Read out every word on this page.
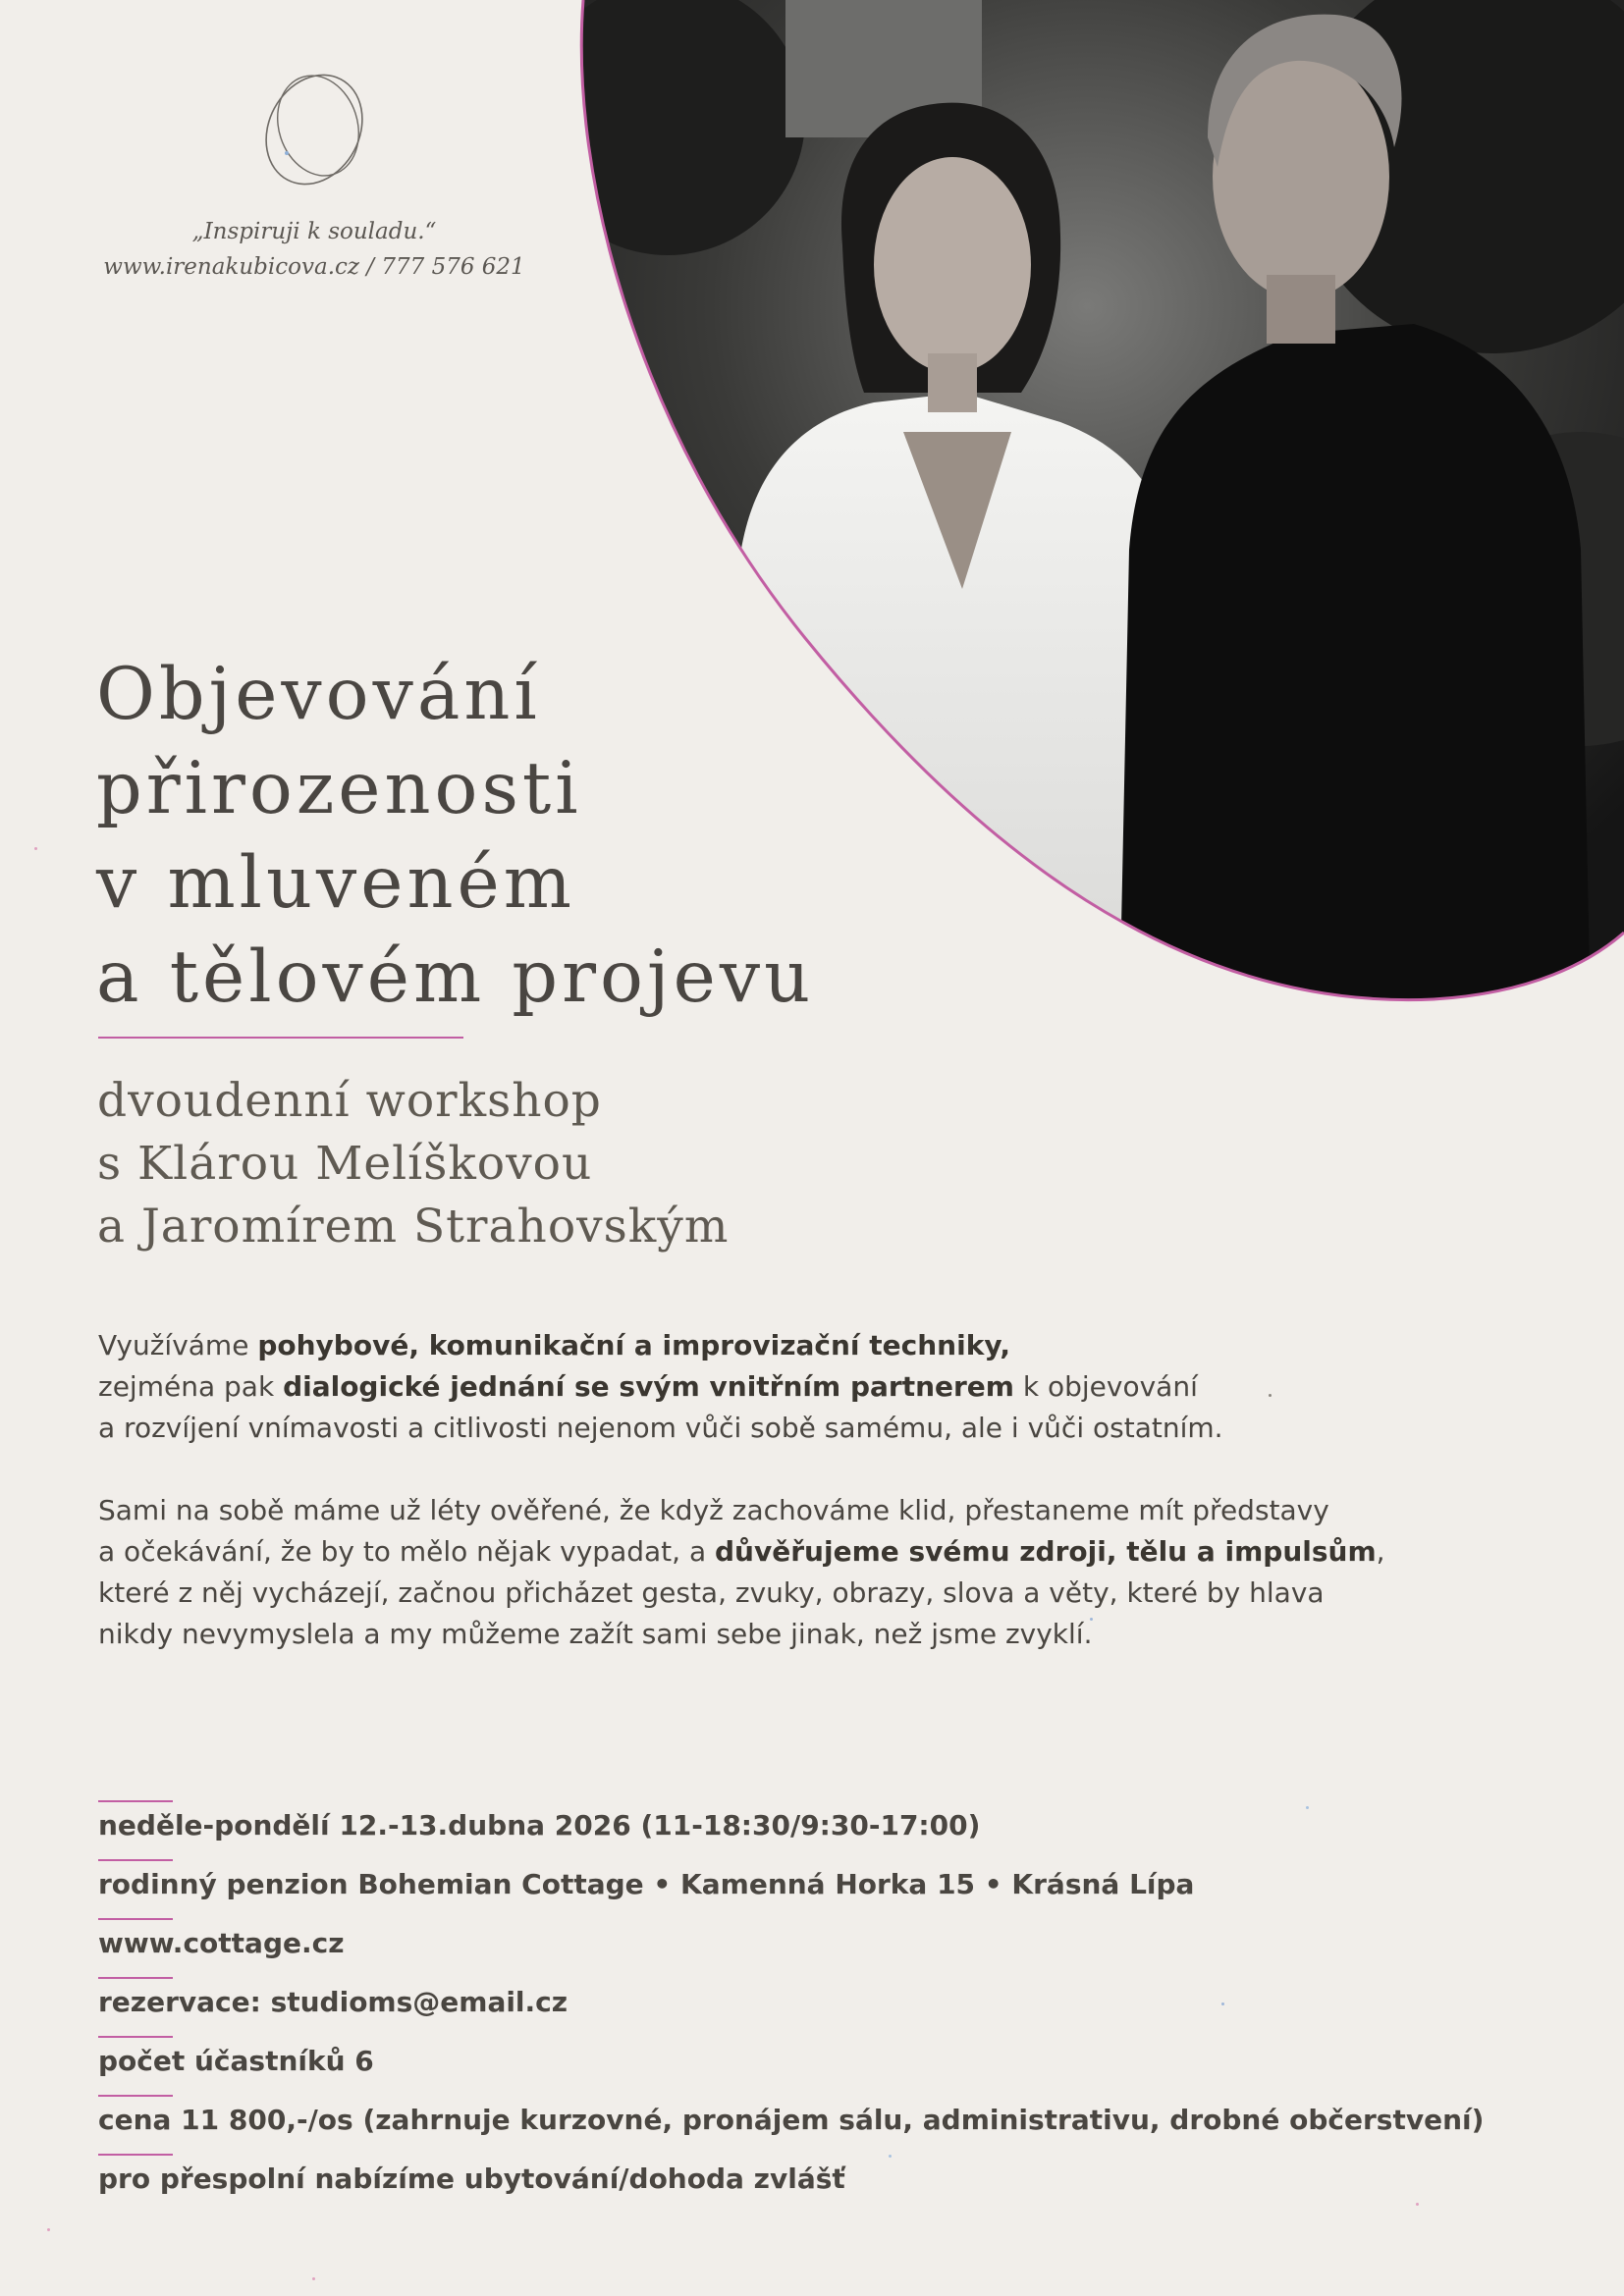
„Inspiruji k souladu.“
www.irenakubicova.cz / 777 576 621
Objevování
přirozenosti
v mluveném
a tělovém projevu
dvoudenní workshop
s Klárou Melíškovou
a Jaromírem Strahovským

Využíváme pohybové, komunikační a improvizační techniky,

zejména pak dialogické jednání se svým vnitřním partnerem k objevování

a rozvíjení vnímavosti a citlivosti nejenom vůči sobě samému, ale i vůči ostatním.

Sami na sobě máme už léty ověřené, že když zachováme klid, přestaneme mít představy

a očekávání, že by to mělo nějak vypadat, a důvěřujeme svému zdroji, tělu a impulsům,

které z něj vycházejí, začnou přicházet gesta, zvuky, obrazy, slova a věty, které by hlava

nikdy nevymyslela a my můžeme zažít sami sebe jinak, než jsme zvyklí.

neděle-pondělí 12.-13.dubna 2026 (11-18:30/9:30-17:00)
rodinný penzion Bohemian Cottage • Kamenná Horka 15 • Krásná Lípa
www.cottage.cz
rezervace: studioms@email.cz
počet účastníků 6
cena 11 800,-/os (zahrnuje kurzovné, pronájem sálu, administrativu, drobné občerstvení)
pro přespolní nabízíme ubytování/dohoda zvlášť
